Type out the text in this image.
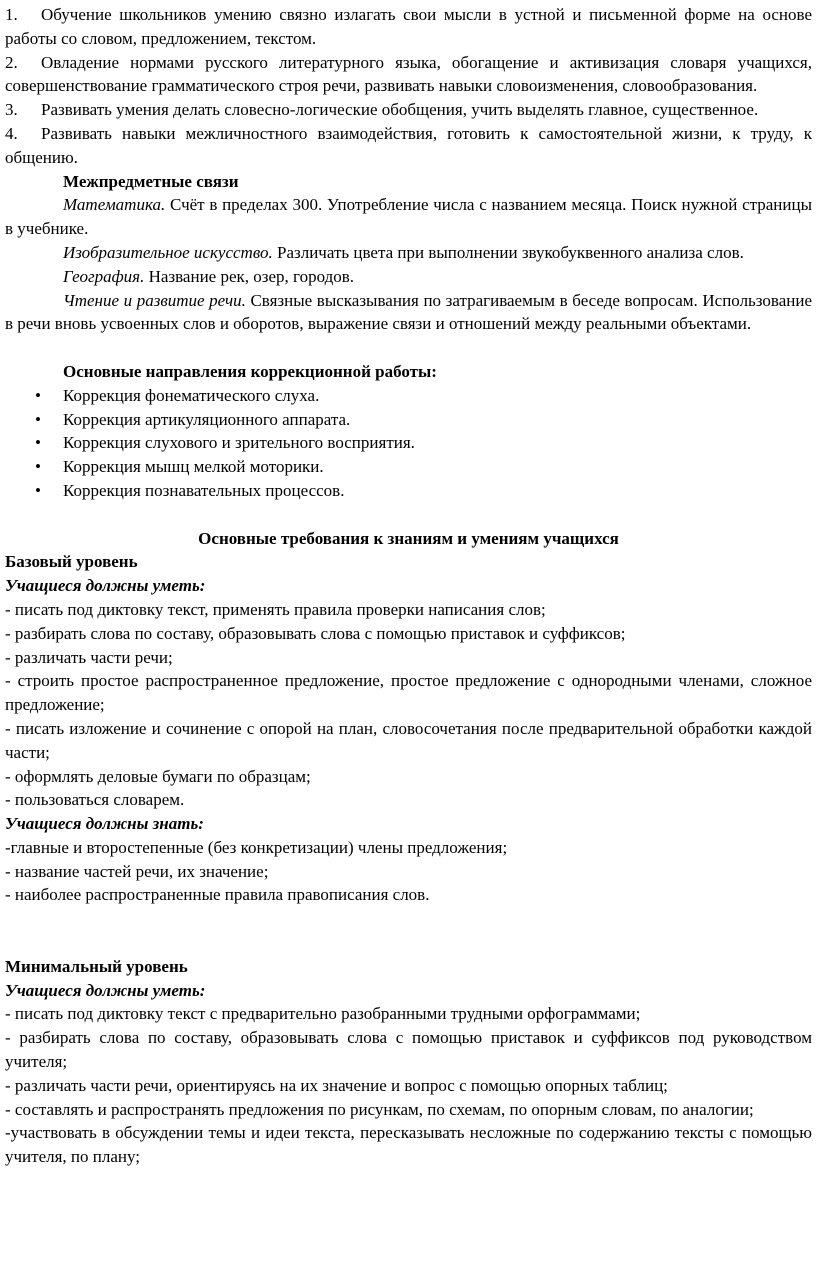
1. Обучение школьников умению связно излагать свои мысли в устной и письменной форме на основе работы со словом, предложением, текстом.

2. Овладение нормами русского литературного языка, обогащение и активизация словаря учащихся, совершенствование грамматического строя речи, развивать навыки словоизменения, словообразования.

3. Развивать умения делать словесно-логические обобщения, учить выделять главное, существенное.

4. Развивать навыки межличностного взаимодействия, готовить к самостоятельной жизни, к труду, к общению.

Межпредметные связи

Математика. Счёт в пределах 300. Употребление числа с названием месяца. Поиск нужной страницы в учебнике.

Изобразительное искусство. Различать цвета при выполнении звукобуквенного анализа слов.

География. Название рек, озер, городов.

Чтение и развитие речи. Связные высказывания по затрагиваемым в беседе вопросам. Использование в речи вновь усвоенных слов и оборотов, выражение связи и отношений между реальными объектами.

Основные направления коррекционной работы:

• Коррекция фонематического слуха.

• Коррекция артикуляционного аппарата.

• Коррекция слухового и зрительного восприятия.

• Коррекция мышц мелкой моторики.

• Коррекция познавательных процессов.

Основные требования к знаниям и умениям учащихся

Базовый уровень

Учащиеся должны уметь:

- писать под диктовку текст, применять правила проверки написания слов;

- разбирать слова по составу, образовывать слова с помощью приставок и суффиксов;

- различать части речи;

- строить простое распространенное предложение, простое предложение с однородными членами, сложное предложение;

- писать изложение и сочинение с опорой на план, словосочетания после предварительной обработки каждой части;

- оформлять деловые бумаги по образцам;

- пользоваться словарем.

Учащиеся должны знать:

-главные и второстепенные (без конкретизации) члены предложения;

- название частей речи, их значение;

- наиболее распространенные правила правописания слов.

Минимальный уровень

Учащиеся должны уметь:

- писать под диктовку текст с предварительно разобранными трудными орфограммами;

- разбирать слова по составу, образовывать слова с помощью приставок и суффиксов под руководством учителя;

- различать части речи, ориентируясь на их значение и вопрос с помощью опорных таблиц;

- составлять и распространять предложения по рисункам, по схемам, по опорным словам, по аналогии;

-участвовать в обсуждении темы и идеи текста, пересказывать несложные по содержанию тексты с помощью учителя, по плану;
